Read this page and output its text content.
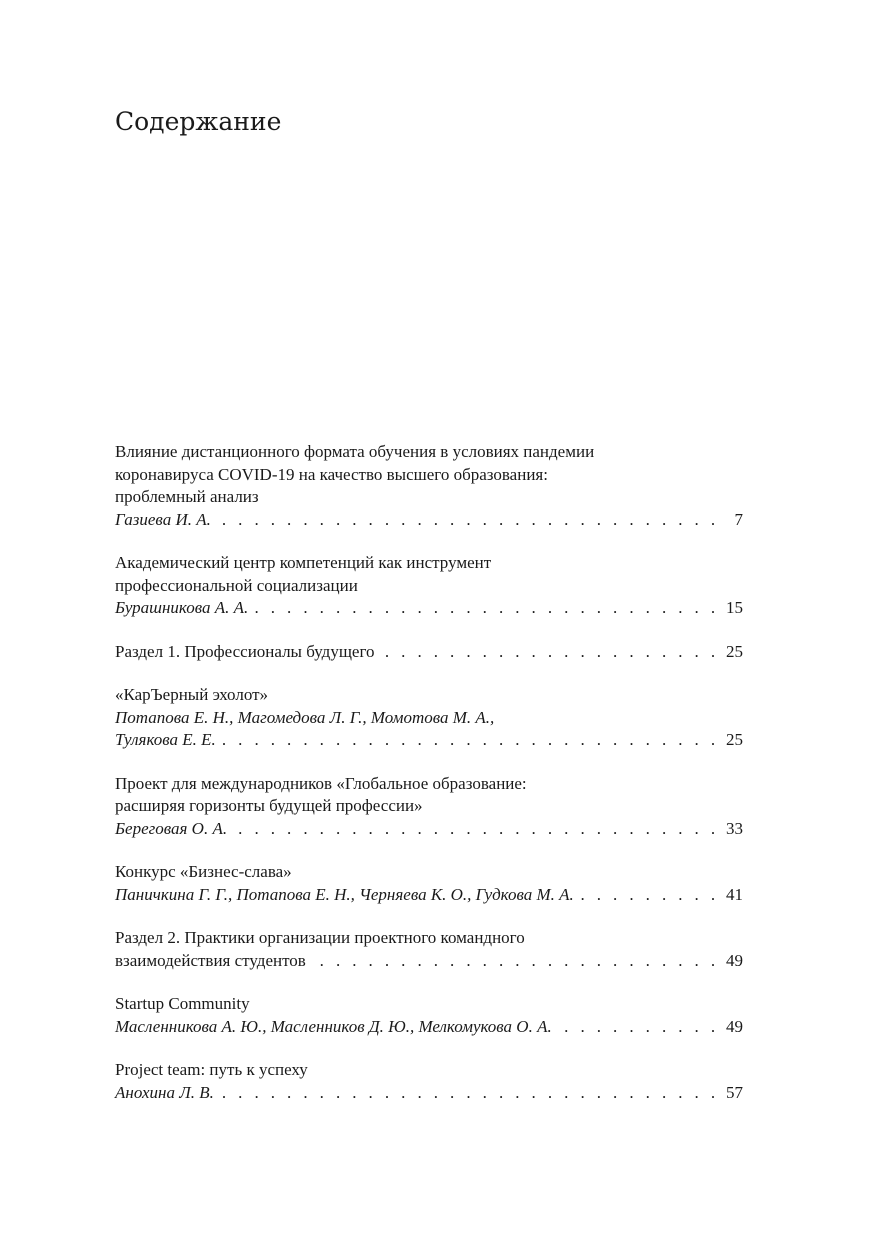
Содержание
Влияние дистанционного формата обучения в условиях пандемии
коронавируса COVID-19 на качество высшего образования:
проблемный анализ
Газиева И. А. . . .	7
Академический центр компетенций как инструмент
профессиональной социализации
Бурашникова А. А. . . .	15
Раздел 1. Профессионалы будущего . . .	25
«КарЪерный эхолот»
Потапова Е. Н., Магомедова Л. Г., Момотова М. А.,
Тулякова Е. Е. . . .	25
Проект для международников «Глобальное образование:
расширяя горизонты будущей профессии»
Береговая О. А. . . .	33
Конкурс «Бизнес-слава»
Паничкина Г. Г., Потапова Е. Н., Черняева К. О., Гудкова М. А. . . .	41
Раздел 2. Практики организации проектного командного
взаимодействия студентов . . .	49
Startup Community
Масленникова А. Ю., Масленников Д. Ю., Мелкомукова О. А. . . .	49
Project team: путь к успеху
Анохина Л. В. . . .	57
